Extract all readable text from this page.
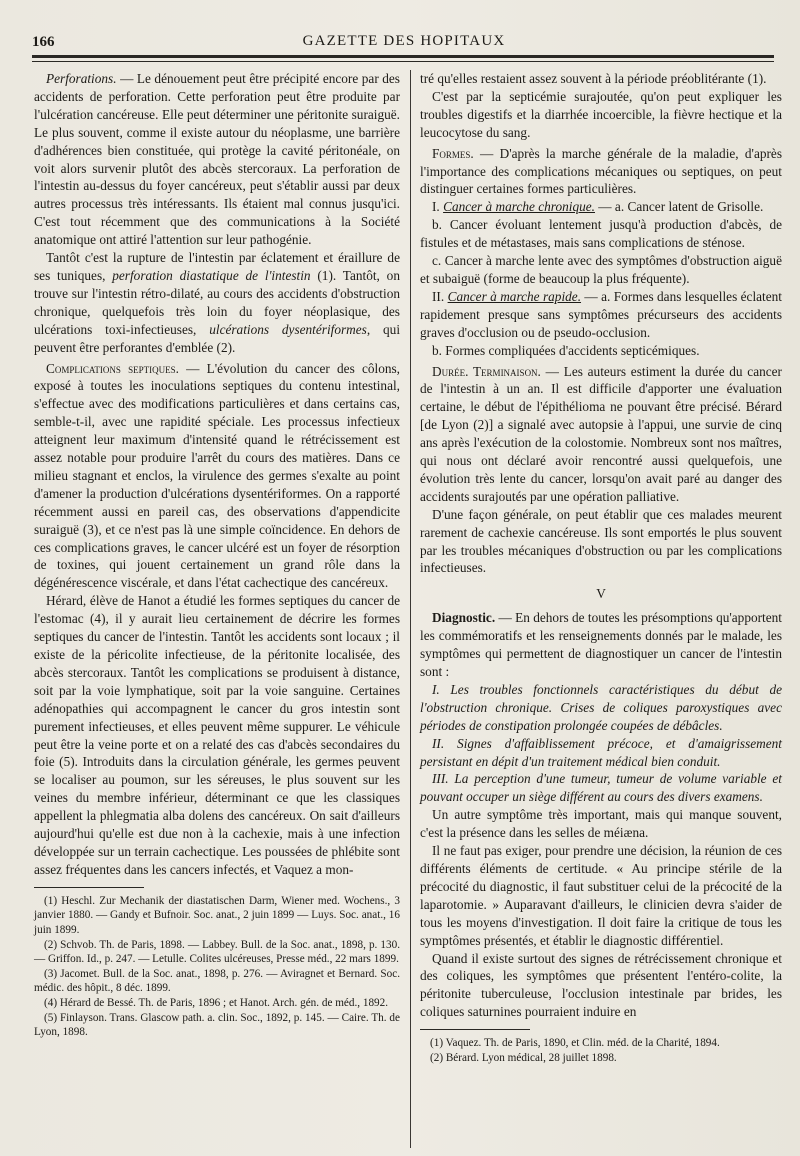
166	GAZETTE DES HOPITAUX

Perforations. — Le dénouement peut être précipité encore par des accidents de perforation. Cette perforation peut être produite par l'ulcération cancéreuse. Elle peut déterminer une péritonite suraiguë. Le plus souvent, comme il existe autour du néoplasme, une barrière d'adhérences bien constituée, qui protège la cavité péritonéale, on voit alors survenir plutôt des abcès stercoraux. La perforation de l'intestin au-dessus du foyer cancéreux, peut s'établir aussi par deux autres processus très intéressants. Ils étaient mal connus jusqu'ici. C'est tout récemment que des communications à la Société anatomique ont attiré l'attention sur leur pathogénie.

Tantôt c'est la rupture de l'intestin par éclatement et éraillure de ses tuniques, perforation diastatique de l'intestin (1). Tantôt, on trouve sur l'intestin rétro-dilaté, au cours des accidents d'obstruction chronique, quelquefois très loin du foyer néoplasique, des ulcérations toxi-infectieuses, ulcérations dysentériformes, qui peuvent être perforantes d'emblée (2).

Complications septiques. — L'évolution du cancer des côlons, exposé à toutes les inoculations septiques du contenu intestinal, s'effectue avec des modifications particulières et dans certains cas, semble-t-il, avec une rapidité spéciale. Les processus infectieux atteignent leur maximum d'intensité quand le rétrécissement est assez notable pour produire l'arrêt du cours des matières. Dans ce milieu stagnant et enclos, la virulence des germes s'exalte au point d'amener la production d'ulcérations dysentériformes. On a rapporté récemment aussi en pareil cas, des observations d'appendicite suraiguë (3), et ce n'est pas là une simple coïncidence. En dehors de ces complications graves, le cancer ulcéré est un foyer de résorption de toxines, qui jouent certainement un grand rôle dans la dégénérescence viscérale, et dans l'état cachectique des cancéreux.

Hérard, élève de Hanot a étudié les formes septiques du cancer de l'estomac (4), il y aurait lieu certainement de décrire les formes septiques du cancer de l'intestin. Tantôt les accidents sont locaux ; il existe de la péricolite infectieuse, de la péritonite localisée, des abcès stercoraux. Tantôt les complications se produisent à distance, soit par la voie lymphatique, soit par la voie sanguine. Certaines adénopathies qui accompagnent le cancer du gros intestin sont purement infectieuses, et elles peuvent même suppurer. Le véhicule peut être la veine porte et on a relaté des cas d'abcès secondaires du foie (5). Introduits dans la circulation générale, les germes peuvent se localiser au poumon, sur les séreuses, le plus souvent sur les veines du membre inférieur, déterminant ce que les classiques appellent la phlegmatia alba dolens des cancéreux. On sait d'ailleurs aujourd'hui qu'elle est due non à la cachexie, mais à une infection développée sur un terrain cachectique. Les poussées de phlébite sont assez fréquentes dans les cancers infectés, et Vaquez a mon-

(1) Heschl. Zur Mechanik der diastatischen Darm, Wiener med. Wochens., 3 janvier 1880. — Gandy et Bufnoir. Soc. anat., 2 juin 1899 — Luys. Soc. anat., 16 juin 1899.

(2) Schvob. Th. de Paris, 1898. — Labbey. Bull. de la Soc. anat., 1898, p. 130. — Griffon. Id., p. 247. — Letulle. Colites ulcéreuses, Presse méd., 22 mars 1899.

(3) Jacomet. Bull. de la Soc. anat., 1898, p. 276. — Aviragnet et Bernard. Soc. médic. des hôpit., 8 déc. 1899.

(4) Hérard de Bessé. Th. de Paris, 1896 ; et Hanot. Arch. gén. de méd., 1892.

(5) Finlayson. Trans. Glascow path. a. clin. Soc., 1892, p. 145. — Caire. Th. de Lyon, 1898.

tré qu'elles restaient assez souvent à la période préoblitérante (1).

C'est par la septicémie surajoutée, qu'on peut expliquer les troubles digestifs et la diarrhée incoercible, la fièvre hectique et la leucocytose du sang.

Formes. — D'après la marche générale de la maladie, d'après l'importance des complications mécaniques ou septiques, on peut distinguer certaines formes particulières.

I. Cancer à marche chronique. — a. Cancer latent de Grisolle.

b. Cancer évoluant lentement jusqu'à production d'abcès, de fistules et de métastases, mais sans complications de sténose.

c. Cancer à marche lente avec des symptômes d'obstruction aiguë et subaiguë (forme de beaucoup la plus fréquente).

II. Cancer à marche rapide. — a. Formes dans lesquelles éclatent rapidement presque sans symptômes précurseurs des accidents graves d'occlusion ou de pseudo-occlusion.

b. Formes compliquées d'accidents septicémiques.

Durée. Terminaison. — Les auteurs estiment la durée du cancer de l'intestin à un an. Il est difficile d'apporter une évaluation certaine, le début de l'épithélioma ne pouvant être précisé. Bérard [de Lyon (2)] a signalé avec autopsie à l'appui, une survie de cinq ans après l'exécution de la colostomie. Nombreux sont nos maîtres, qui nous ont déclaré avoir rencontré aussi quelquefois, une évolution très lente du cancer, lorsqu'on avait paré au danger des accidents surajoutés par une opération palliative.

D'une façon générale, on peut établir que ces malades meurent rarement de cachexie cancéreuse. Ils sont emportés le plus souvent par les troubles mécaniques d'obstruction ou par les complications infectieuses.

V

Diagnostic. — En dehors de toutes les présomptions qu'apportent les commémoratifs et les renseignements donnés par le malade, les symptômes qui permettent de diagnostiquer un cancer de l'intestin sont :

I. Les troubles fonctionnels caractéristiques du début de l'obstruction chronique. Crises de coliques paroxystiques avec périodes de constipation prolongée coupées de débâcles.

II. Signes d'affaiblissement précoce, et d'amaigrissement persistant en dépit d'un traitement médical bien conduit.

III. La perception d'une tumeur, tumeur de volume variable et pouvant occuper un siège différent au cours des divers examens.

Un autre symptôme très important, mais qui manque souvent, c'est la présence dans les selles de méiæna.

Il ne faut pas exiger, pour prendre une décision, la réunion de ces différents éléments de certitude. « Au principe stérile de la précocité du diagnostic, il faut substituer celui de la précocité de la laparotomie. » Auparavant d'ailleurs, le clinicien devra s'aider de tous les moyens d'investigation. Il doit faire la critique de tous les symptômes présentés, et établir le diagnostic différentiel.

Quand il existe surtout des signes de rétrécissement chronique et des coliques, les symptômes que présentent l'entéro-colite, la péritonite tuberculeuse, l'occlusion intestinale par brides, les coliques saturnines pourraient induire en

(1) Vaquez. Th. de Paris, 1890, et Clin. méd. de la Charité, 1894.

(2) Bérard. Lyon médical, 28 juillet 1898.
